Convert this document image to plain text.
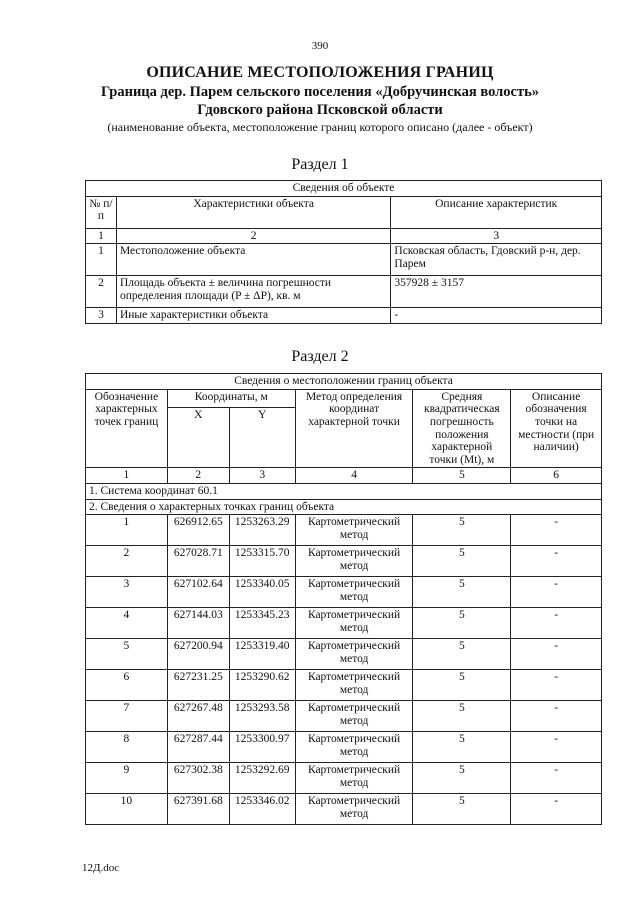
390
ОПИСАНИЕ МЕСТОПОЛОЖЕНИЯ ГРАНИЦ
Граница дер. Парем сельского поселения «Добручинская волость»
Гдовского района Псковской области
(наименование объекта, местоположение границ которого описано (далее - объект)
Раздел 1
Сведения об объекте		
№ п/п	Характеристики объекта	Описание характеристик
1	2	3
1	Местоположение объекта	Псковская область, Гдовский р-н, дер. Парем
2	Площадь объекта ± величина погрешности определения площади (P ± ΔP), кв. м	357928 ± 3157
3	Иные характеристики объекта	-
Раздел 2
Сведения о местоположении границ объекта					
Обозначение характерных точек границ	Координаты, м		Метод определения координат характерной точки	Средняя квадратическая погрешность положения характерной точки (Mt), м	Описание обозначения точки на местности (при наличии)
	X	Y			
1	2	3	4	5	6
1. Система координат 60.1					
2. Сведения о характерных точках границ объекта					
1	626912.65	1253263.29	Картометрический метод	5	-
2	627028.71	1253315.70	Картометрический метод	5	-
3	627102.64	1253340.05	Картометрический метод	5	-
4	627144.03	1253345.23	Картометрический метод	5	-
5	627200.94	1253319.40	Картометрический метод	5	-
6	627231.25	1253290.62	Картометрический метод	5	-
7	627267.48	1253293.58	Картометрический метод	5	-
8	627287.44	1253300.97	Картометрический метод	5	-
9	627302.38	1253292.69	Картометрический метод	5	-
10	627391.68	1253346.02	Картометрический метод	5	-
12Д.doc
